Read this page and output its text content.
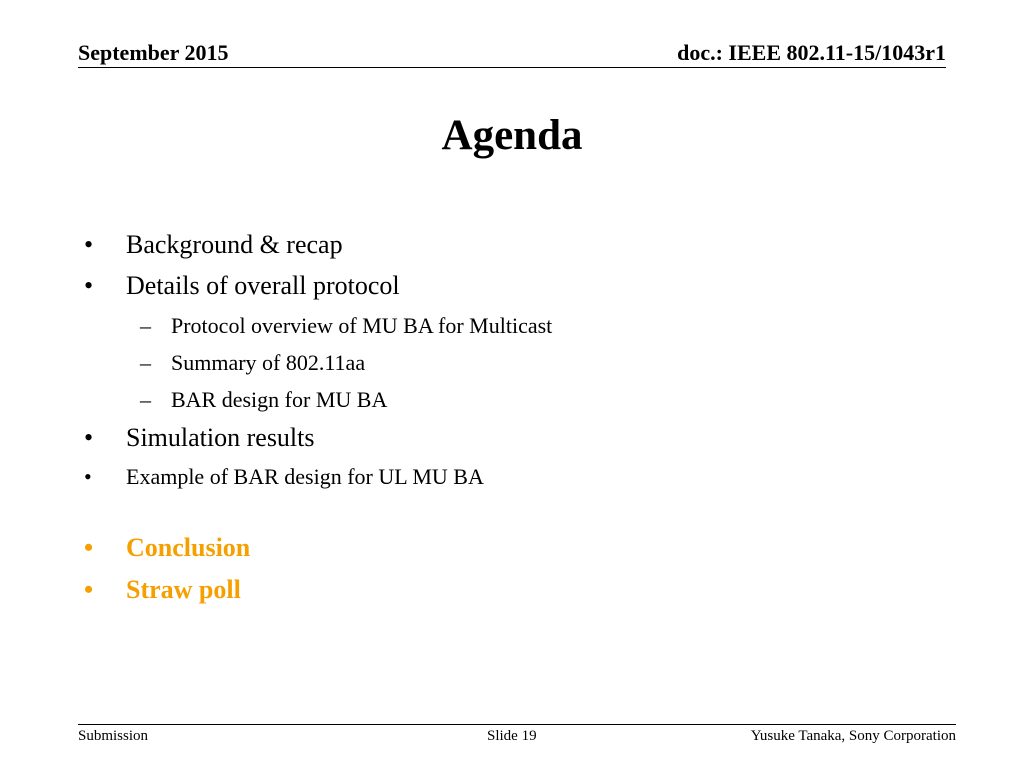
September 2015	doc.: IEEE 802.11-15/1043r1
Agenda
• Background & recap
• Details of overall protocol
– Protocol overview of MU BA for Multicast
– Summary of 802.11aa
– BAR design for MU BA
• Simulation results
• Example of BAR design for UL MU BA
• Conclusion
• Straw poll
Submission	Slide 19	Yusuke Tanaka, Sony Corporation
